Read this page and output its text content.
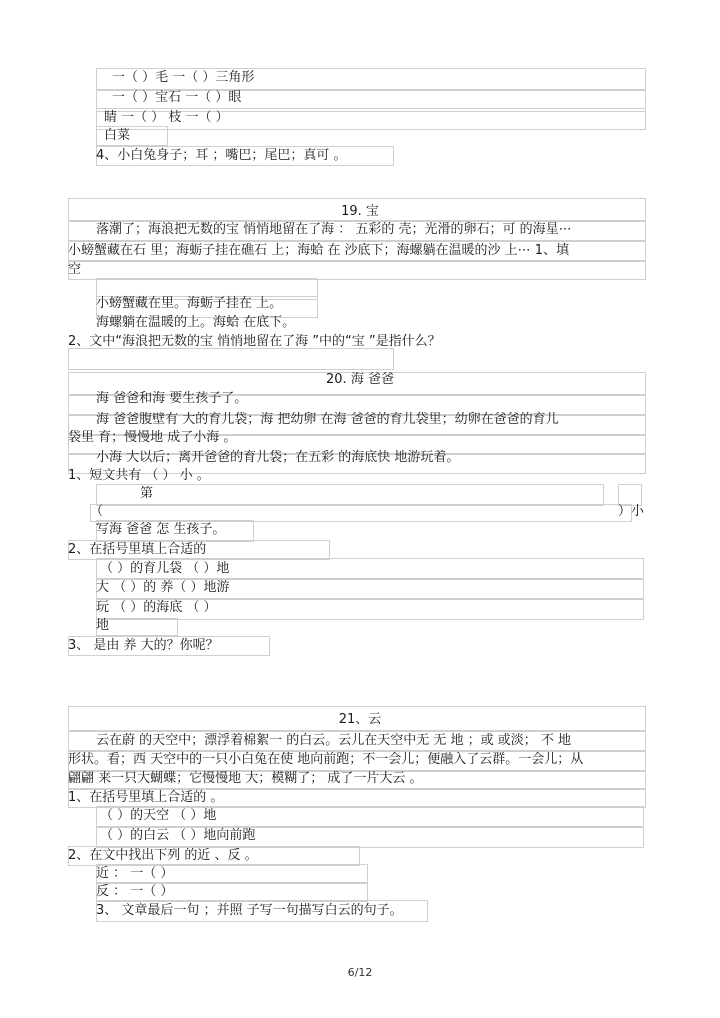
一（ ）毛 一（ ）三角形
一（ ）宝石 一（ ）眼
睛 一（ ） 枝 一（ ）
白菜
4、小白兔身子；耳 ；嘴巴；尾巴；真可 。
19. 宝
落潮了；海浪把无数的宝 悄悄地留在了海 ： 五彩的 壳；光滑的卵石；可 的海星⋯
小螃蟹藏在石 里；海蛎子挂在礁石 上；海蛤 在 沙底下；海螺躺在温暖的沙 上⋯ 1、填
空
小螃蟹藏在里。海蛎子挂在 上。
海螺躺在温暖的上。海蛤 在底下。
2、文中“海浪把无数的宝 悄悄地留在了海 ”中的“宝 ”是指什么？
20. 海 爸爸
海 爸爸和海 要生孩子了。
海 爸爸腹壁有 大的育儿袋；海 把幼卵 在海 爸爸的育儿袋里；幼卵在爸爸的育儿
袋里 育；慢慢地 成了小海 。
小海 大以后；离开爸爸的育儿袋；在五彩 的海底快 地游玩着。
1、短文共有 （ ） 小 。
第
（	）小
写海 爸爸 怎 生孩子。
2、在括号里填上合适的
（ ）的育儿袋 （ ）地
大 （ ）的 养（ ）地游
玩 （ ）的海底 （ ）
地
3、 是由 养 大的？你呢？
21、云
云在蔚 的天空中；漂浮着棉絮一 的白云。云儿在天空中无 无 地 ；或 或淡； 不 地
形状。看；西 天空中的一只小白兔在使 地向前跑；不一会儿；便融入了云群。一会儿；从
翩翩 来一只大蝴蝶；它慢慢地 大；模糊了； 成了一片大云 。
1、在括号里填上合适的 。
（ ）的天空 （ ）地
（ ）的白云 （ ）地向前跑
2、在文中找出下列 的近 、反 。
近 ： 一（ ）
反 ： 一（ ）
3、 文章最后一句 ；并照 子写一句描写白云的句子。
6/12
